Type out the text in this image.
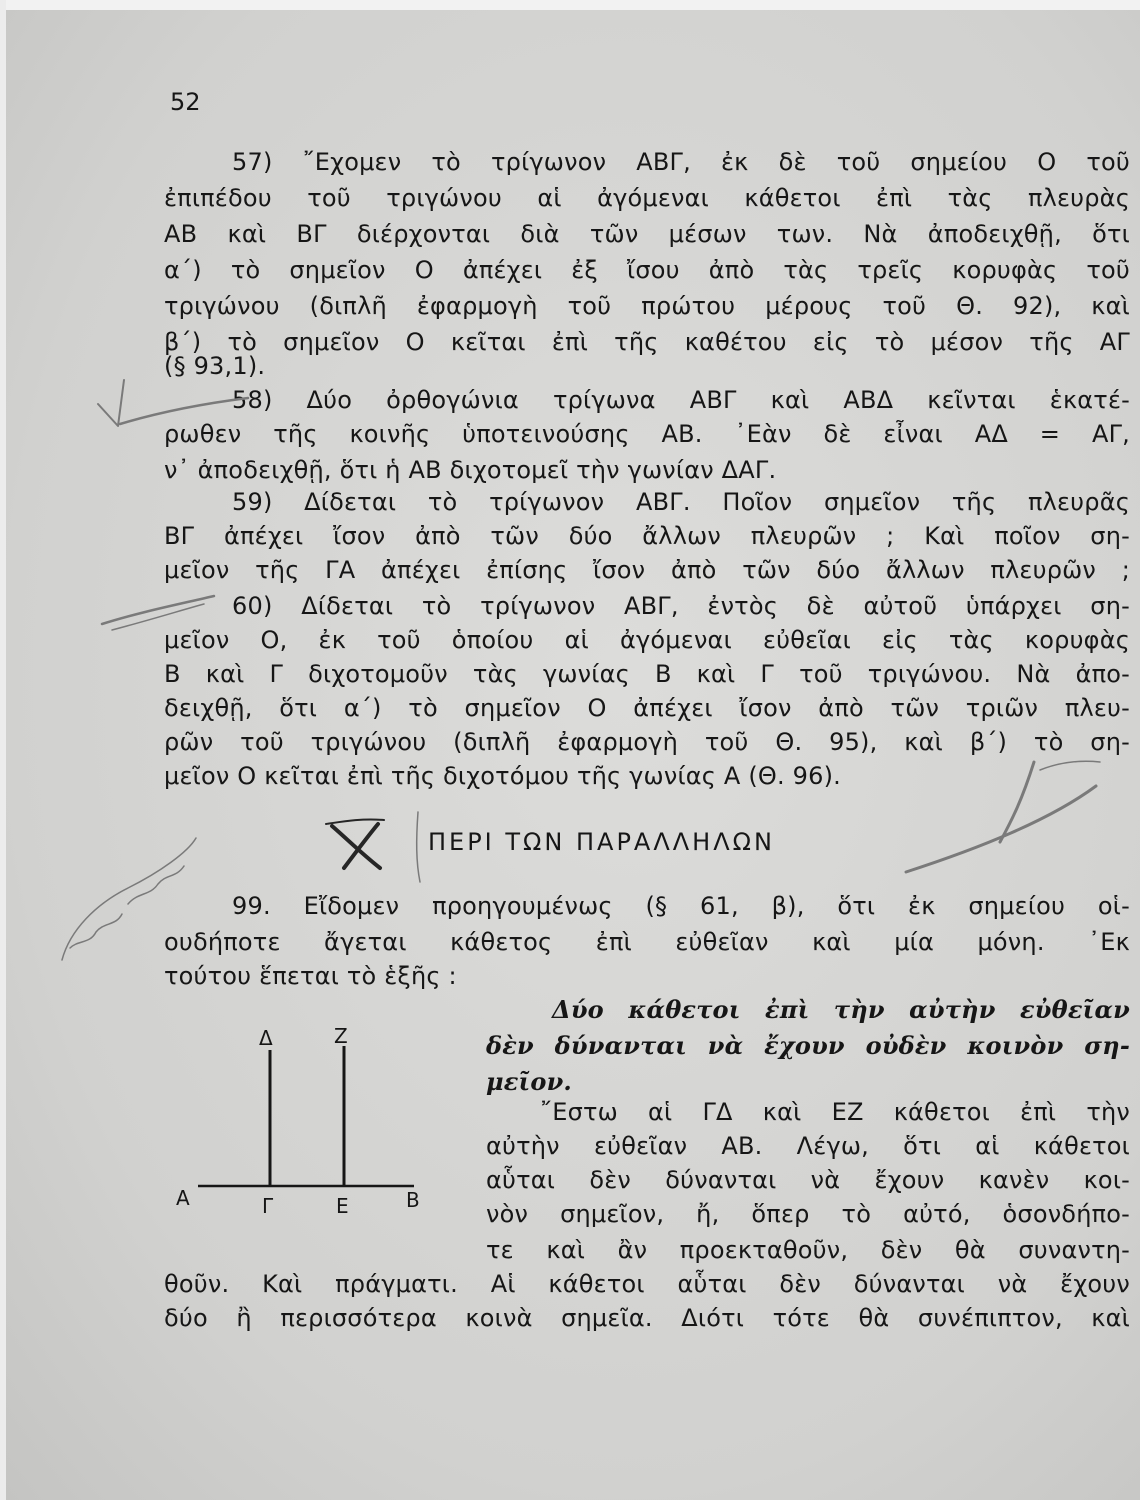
52
57) ῎Εχομεν τὸ τρίγωνον ΑΒΓ, ἐκ δὲ τοῦ σημείου Ο τοῦ
ἐπιπέδου τοῦ τριγώνου αἱ ἀγόμεναι κάθετοι ἐπὶ τὰς πλευρὰς
ΑΒ καὶ ΒΓ διέρχονται διὰ τῶν μέσων των. Νὰ ἀποδειχθῇ, ὅτι
α΄) τὸ σημεῖον Ο ἀπέχει ἐξ ἴσου ἀπὸ τὰς τρεῖς κορυφὰς τοῦ
τριγώνου (διπλῆ ἐφαρμογὴ τοῦ πρώτου μέρους τοῦ Θ. 92), καὶ
β΄) τὸ σημεῖον Ο κεῖται ἐπὶ τῆς καθέτου εἰς τὸ μέσον τῆς ΑΓ
(§ 93,1).
58) Δύο ὀρθογώνια τρίγωνα ΑΒΓ καὶ ΑΒΔ κεῖνται ἑκατέ-
ρωθεν τῆς κοινῆς ὑποτεινούσης ΑΒ. ᾿Εὰν δὲ εἶναι ΑΔ = ΑΓ,
ν᾿ ἀποδειχθῇ, ὅτι ἡ ΑΒ διχοτομεῖ τὴν γωνίαν ΔΑΓ.
59) Δίδεται τὸ τρίγωνον ΑΒΓ. Ποῖον σημεῖον τῆς πλευρᾶς
ΒΓ ἀπέχει ἴσον ἀπὸ τῶν δύο ἄλλων πλευρῶν ; Καὶ ποῖον ση-
μεῖον τῆς ΓΑ ἀπέχει ἐπίσης ἴσον ἀπὸ τῶν δύο ἄλλων πλευρῶν ;
60) Δίδεται τὸ τρίγωνον ΑΒΓ, ἐντὸς δὲ αὐτοῦ ὑπάρχει ση-
μεῖον Ο, ἐκ τοῦ ὁποίου αἱ ἀγόμεναι εὐθεῖαι εἰς τὰς κορυφὰς
Β καὶ Γ διχοτομοῦν τὰς γωνίας Β καὶ Γ τοῦ τριγώνου. Νὰ ἀπο-
δειχθῇ, ὅτι α΄) τὸ σημεῖον Ο ἀπέχει ἴσον ἀπὸ τῶν τριῶν πλευ-
ρῶν τοῦ τριγώνου (διπλῆ ἐφαρμογὴ τοῦ Θ. 95), καὶ β΄) τὸ ση-
μεῖον Ο κεῖται ἐπὶ τῆς διχοτόμου τῆς γωνίας Α (Θ. 96).
ΠΕΡΙ ΤΩΝ ΠΑΡΑΛΛΗΛΩΝ
99. Εἴδομεν προηγουμένως (§ 61, β), ὅτι ἐκ σημείου οἱ-
ουδήποτε ἄγεται κάθετος ἐπὶ εὐθεῖαν καὶ μία μόνη. ᾿Εκ
τούτου ἕπεται τὸ ἑξῆς :
Δύο κάθετοι ἐπὶ τὴν αὐτὴν εὐθεῖαν
δὲν δύνανται νὰ ἔχουν οὐδὲν κοινὸν ση-
μεῖον.
῎Εστω αἱ ΓΔ καὶ ΕΖ κάθετοι ἐπὶ τὴν
αὐτὴν εὐθεῖαν ΑΒ. Λέγω, ὅτι αἱ κάθετοι
αὗται δὲν δύνανται νὰ ἔχουν κανὲν κοι-
νὸν σημεῖον, ἤ, ὅπερ τὸ αὐτό, ὁσονδήπο-
τε καὶ ἂν προεκταθοῦν, δὲν θὰ συναντη-
θοῦν. Καὶ πράγματι. Αἱ κάθετοι αὗται δὲν δύνανται νὰ ἔχουν
δύο ἢ περισσότερα κοινὰ σημεῖα. Διότι τότε θὰ συνέπιπτον, καὶ
Δ	Z
A	Γ	E	B
